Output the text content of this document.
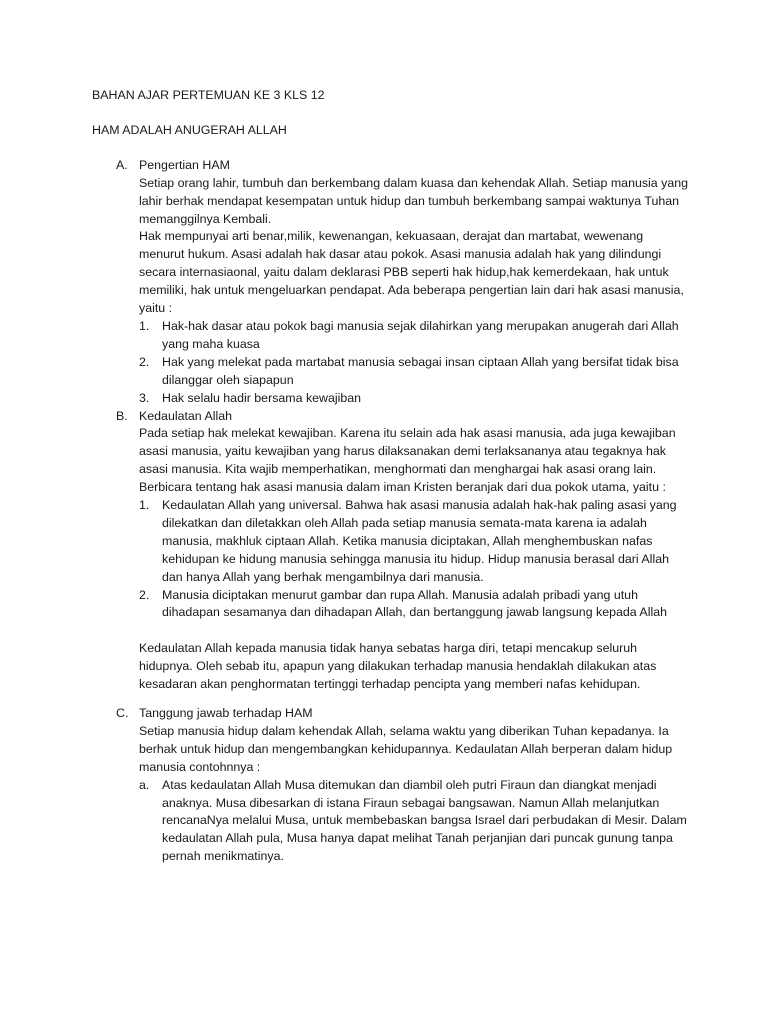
BAHAN AJAR PERTEMUAN KE 3 KLS 12

HAM ADALAH ANUGERAH ALLAH

A. Pengertian HAM

Setiap orang lahir, tumbuh dan berkembang dalam kuasa dan kehendak Allah. Setiap manusia yang lahir berhak mendapat kesempatan untuk hidup dan tumbuh berkembang sampai waktunya Tuhan memanggilnya Kembali.

Hak mempunyai arti benar,milik, kewenangan, kekuasaan, derajat dan martabat, wewenang menurut hukum. Asasi adalah hak dasar atau pokok. Asasi manusia adalah hak yang dilindungi secara internasiaonal, yaitu dalam deklarasi PBB seperti hak hidup,hak kemerdekaan, hak untuk memiliki, hak untuk mengeluarkan pendapat. Ada beberapa pengertian lain dari hak asasi manusia, yaitu :

1. Hak-hak dasar atau pokok bagi manusia sejak dilahirkan yang merupakan anugerah dari Allah yang maha kuasa
2. Hak yang melekat pada martabat manusia sebagai insan ciptaan Allah yang bersifat tidak bisa dilanggar oleh siapapun
3. Hak selalu hadir bersama kewajiban
B. Kedaulatan Allah

Pada setiap hak melekat kewajiban. Karena itu selain ada hak asasi manusia, ada juga kewajiban asasi manusia, yaitu kewajiban yang harus dilaksanakan demi terlaksananya atau tegaknya hak asasi manusia. Kita wajib memperhatikan, menghormati dan menghargai hak asasi orang lain.

Berbicara tentang hak asasi manusia dalam iman Kristen beranjak dari dua pokok utama, yaitu :

1. Kedaulatan Allah yang universal. Bahwa hak asasi manusia adalah hak-hak paling asasi yang dilekatkan dan diletakkan oleh Allah pada setiap manusia semata-mata karena ia adalah manusia, makhluk ciptaan Allah. Ketika manusia diciptakan, Allah menghembuskan nafas kehidupan ke hidung manusia sehingga manusia itu hidup. Hidup manusia berasal dari Allah dan hanya Allah yang berhak mengambilnya dari manusia.
2. Manusia diciptakan menurut gambar dan rupa Allah. Manusia adalah pribadi yang utuh dihadapan sesamanya dan dihadapan Allah, dan bertanggung jawab langsung kepada Allah

Kedaulatan Allah kepada manusia tidak hanya sebatas harga diri, tetapi mencakup seluruh hidupnya. Oleh sebab itu, apapun yang dilakukan terhadap manusia hendaklah dilakukan atas kesadaran akan penghormatan tertinggi terhadap pencipta yang memberi nafas kehidupan.

C. Tanggung jawab terhadap HAM

Setiap manusia hidup dalam kehendak Allah, selama waktu yang diberikan Tuhan kepadanya. Ia berhak untuk hidup dan mengembangkan kehidupannya. Kedaulatan Allah berperan dalam hidup manusia contohnnya :

a. Atas kedaulatan Allah Musa ditemukan dan diambil oleh putri Firaun dan diangkat menjadi anaknya. Musa dibesarkan di istana Firaun sebagai bangsawan. Namun Allah melanjutkan rencanaNya melalui Musa, untuk membebaskan bangsa Israel dari perbudakan di Mesir. Dalam kedaulatan Allah pula, Musa hanya dapat melihat Tanah perjanjian dari puncak gunung tanpa pernah menikmatinya.
